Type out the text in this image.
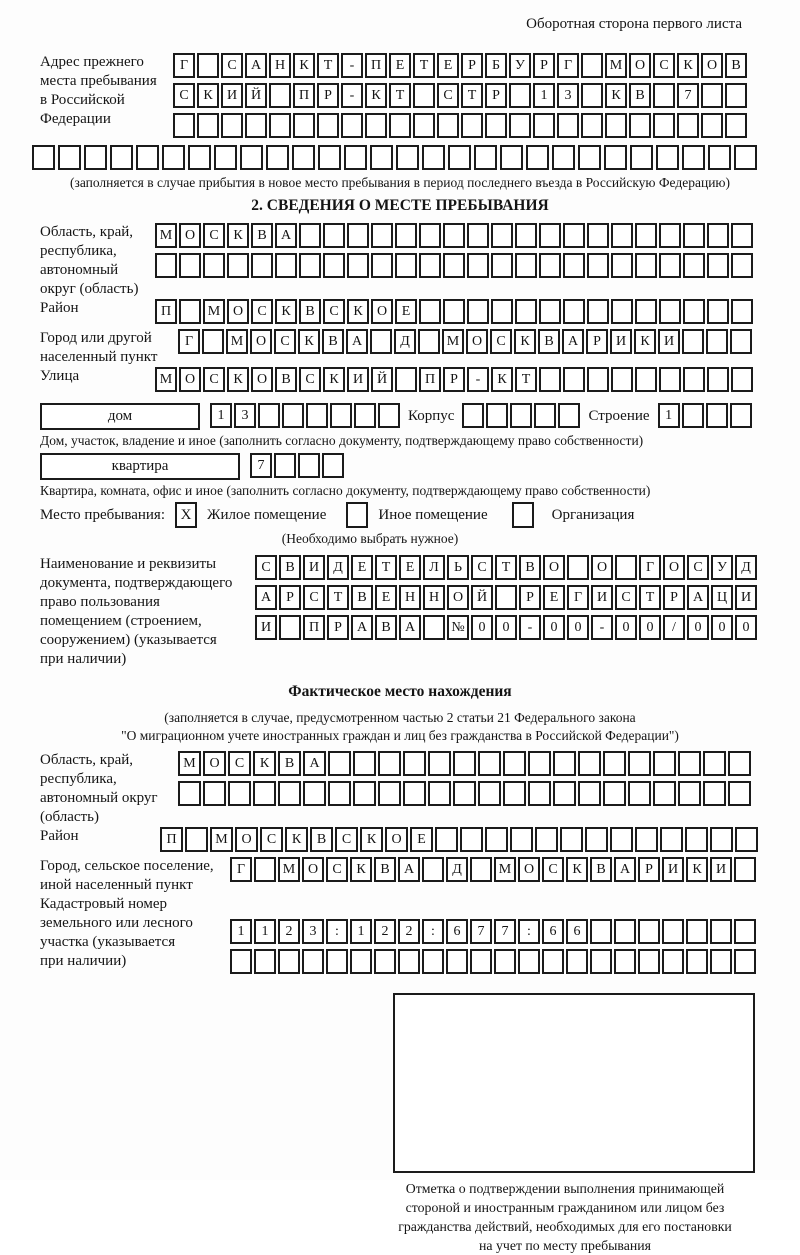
Оборотная сторона первого листа
Адрес прежнего
места пребывания
в Российской
Федерации
Г	С	А Н	К	Т	-	П	Е	Т	Е	Р	Б	У	Р	Г	М О	С	К	О	В
С	К	И Й	П	Р	-	К	Т	С	Т	Р	1	3	К	В	7
(заполняется в случае прибытия в новое место пребывания в период последнего въезда в Российскую Федерацию)
2. СВЕДЕНИЯ О МЕСТЕ ПРЕБЫВАНИЯ
Область, край,
республика,
автономный
округ (область)
М О	С	К	В	А
Район	П	М О	С	К	В	С	К	О	Е
Город или другой
населенный пункт
Г	М О	С	К	В	А	Д	М О	С	К	В	А	Р	И	К	И
Улица	М О	С	К	О	В	С	К	И Й	П	Р	-	К	Т
дом	1	3	Корпус	Строение	1
Дом, участок, владение и иное (заполнить согласно документу, подтверждающему право собственности)
квартира	7
Квартира, комната, офис и иное (заполнить согласно документу, подтверждающему право собственности)
Место пребывания:	X	Жилое помещение	Иное помещение	Организация
(Необходимо выбрать нужное)
Наименование и реквизиты
документа, подтверждающего
право пользования
помещением (строением,
сооружением) (указывается
при наличии)
С	В	И	Д	Е	Т	Е	Л	Ь	С	Т	В	О	О	Г	О	С	У	Д
А	Р	С	Т	В	Е	Н Н О Й	Р	Е	Г	И	С	Т	Р	А Ц И
И	П	Р	А	В	А	№ 0	0	-	0	0	-	0	0	/	0	0	0
Фактическое место нахождения
(заполняется в случае, предусмотренном частью 2 статьи 21 Федерального закона
"О миграционном учете иностранных граждан и лиц без гражданства в Российской Федерации")
Область, край,
республика,
автономный округ
(область)
М О	С	К	В	А
Район	П	М О	С	К	В	С	К	О	Е
Город, сельское поселение,
иной населенный пункт
Г	М О	С	К	В	А	Д	М О	С	К	В	А	Р	И	К	И
Кадастровый номер
земельного или лесного
участка (указывается
при наличии)
1	1	2	3	:	1	2	2	:	6	7	7	:	6	6
Отметка о подтверждении выполнения принимающей
стороной и иностранным гражданином или лицом без
гражданства действий, необходимых для его постановки
на учет по месту пребывания
